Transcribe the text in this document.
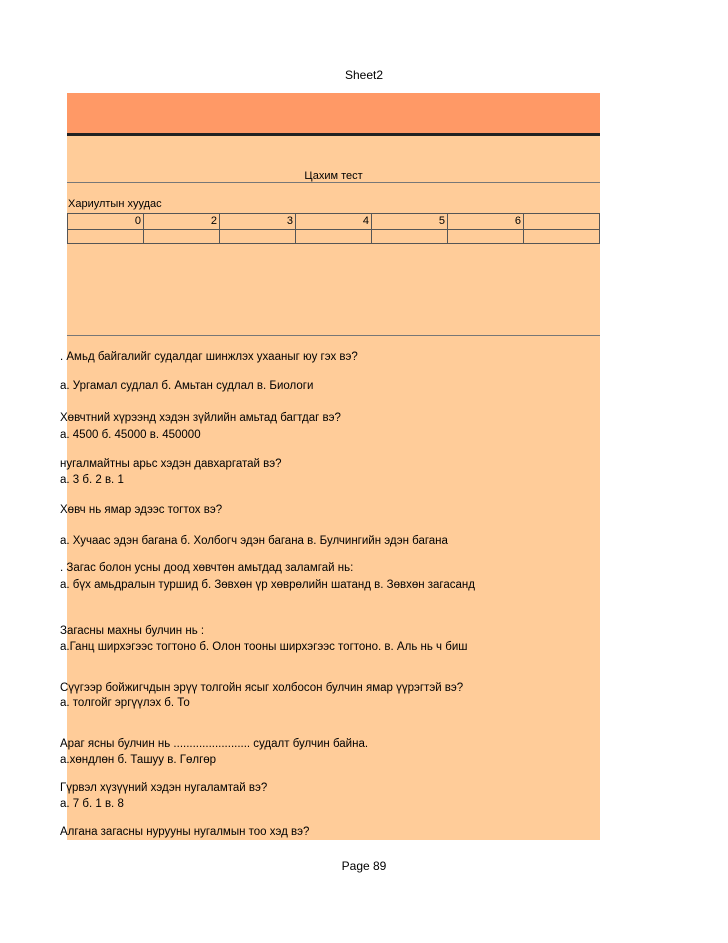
Sheet2
Цахим тест
Хариултын хуудас
0	2	3	4	5	6
. Амьд байгалийг судалдаг шинжлэх ухааныг юу гэх вэ?
а. Ургамал судлал б. Амьтан судлал в. Биологи
Хөвчтний хүрээнд хэдэн зүйлийн амьтад багтдаг вэ?
а. 4500 б. 45000 в. 450000
нугалмайтны арьс хэдэн давхаргатай вэ?
а. 3 б. 2 в. 1
Хөвч нь ямар эдээс тогтох вэ?
а. Хучаас эдэн багана б. Холбогч эдэн багана в. Булчингийн эдэн багана
. Загас болон усны доод хөвчтөн амьтдад заламгай нь:
а. бүх амьдралын туршид б. Зөвхөн үр хөврөлийн шатанд в. Зөвхөн загасанд
Загасны махны булчин нь :
а.Ганц ширхэгээс тогтоно б. Олон тооны ширхэгээс тогтоно. в. Аль нь ч биш
Сүүгээр бойжигчдын эрүү толгойн ясыг холбосон булчин ямар үүрэгтэй вэ?
а. толгойг эргүүлэх б. То
Араг ясны булчин нь ........................ судалт булчин байна.
а.хөндлөн б. Ташуу в. Гөлгөр
Гүрвэл хүзүүний хэдэн нугаламтай вэ?
а. 7 б. 1 в. 8
Алгана загасны нурууны нугалмын тоо хэд вэ?
Page 89
